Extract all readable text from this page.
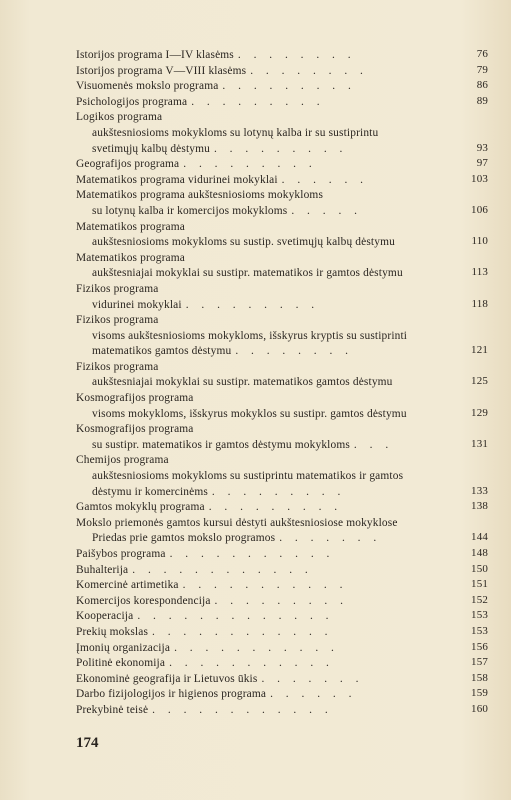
Istorijos programa I—IV klasėms . . . . . . . .	76
Istorijos programa V—VIII klasėms . . . . . . . .	79
Visuomenės mokslo programa . . . . . . . . .	86
Psichologijos programa . . . . . . . . .	89
Logikos programa
aukštesniosioms mokykloms su lotynų kalba ir su sustiprintu
svetimųjų kalbų dėstymu . . . . . . . . .	93
Geografijos programa . . . . . . . . .	97
Matematikos programa vidurinei mokyklai . . . . . .	103
Matematikos programa aukštesniosioms mokykloms
su lotynų kalba ir komercijos mokykloms . . . . .	106
Matematikos programa
aukštesniosioms mokykloms su sustip. svetimųjų kalbų dėstymu	110
Matematikos programa
aukštesniajai mokyklai su sustipr. matematikos ir gamtos dėstymu	113
Fizikos programa
vidurinei mokyklai . . . . . . . . .	118
Fizikos programa
visoms aukštesniosioms mokykloms, išskyrus kryptis su sustiprinti
matematikos gamtos dėstymu . . . . . . . .	121
Fizikos programa
aukštesniajai mokyklai su sustipr. matematikos gamtos dėstymu	125
Kosmografijos programa
visoms mokykloms, išskyrus mokyklos su sustipr. gamtos dėstymu	129
Kosmografijos programa
su sustipr. matematikos ir gamtos dėstymu mokykloms . . .	131
Chemijos programa
aukštesniosioms mokykloms su sustiprintu matematikos ir gamtos
dėstymu ir komercinėms . . . . . . . . .	133
Gamtos mokyklų programa . . . . . . . . .	138
Mokslo priemonės gamtos kursui dėstyti aukštesniosiose mokyklose
Priedas prie gamtos mokslo programos . . . . . . .	144
Paišybos programa . . . . . . . . . . .	148
Buhalterija . . . . . . . . . . . .	150
Komercinė artimetika . . . . . . . . . . .	151
Komercijos korespondencija . . . . . . . . .	152
Kooperacija . . . . . . . . . . . . .	153
Prekių mokslas . . . . . . . . . . . .	153
Įmonių organizacija . . . . . . . . . . .	156
Politinė ekonomija . . . . . . . . . . .	157
Ekonominė geografija ir Lietuvos ūkis . . . . . . .	158
Darbo fizijologijos ir higienos programa . . . . . .	159
Prekybinė teisė . . . . . . . . . . . .	160
174
